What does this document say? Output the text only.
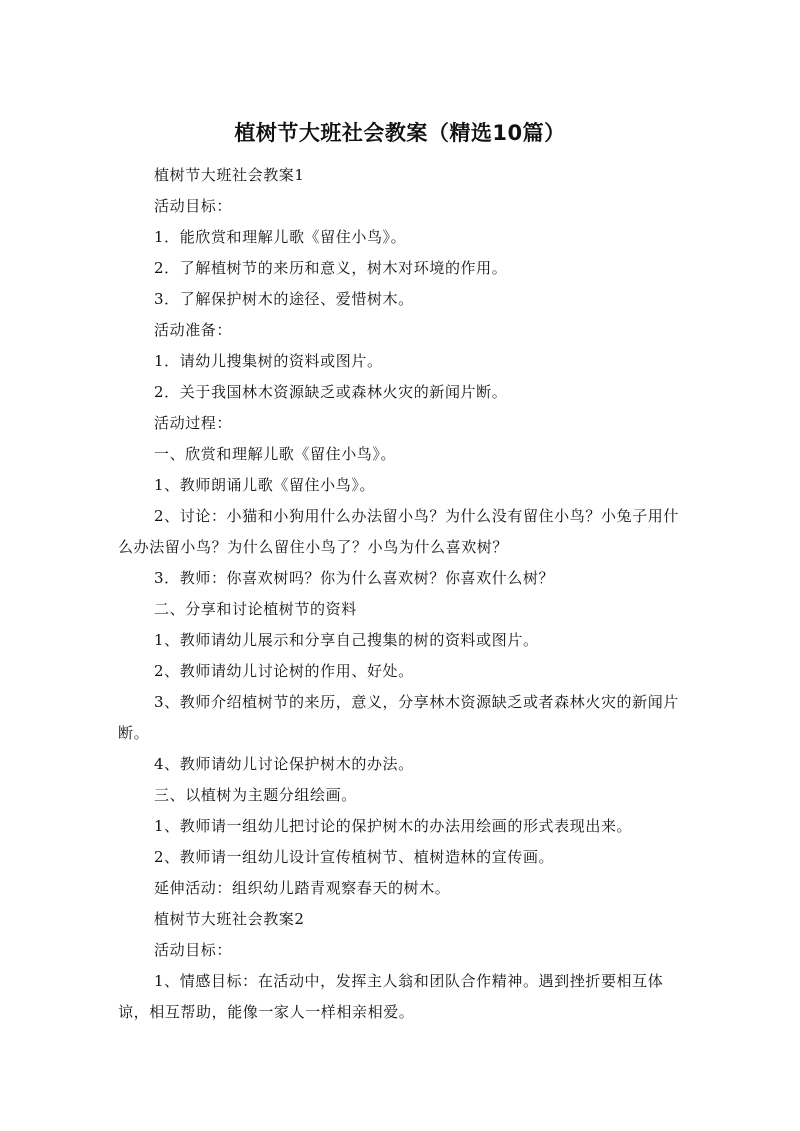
植树节大班社会教案（精选10篇）

植树节大班社会教案1

活动目标：

1．能欣赏和理解儿歌《留住小鸟》。

2．了解植树节的来历和意义，树木对环境的作用。

3．了解保护树木的途径、爱惜树木。

活动准备：

1．请幼儿搜集树的资料或图片。

2．关于我国林木资源缺乏或森林火灾的新闻片断。

活动过程：

一、欣赏和理解儿歌《留住小鸟》。

1、教师朗诵儿歌《留住小鸟》。

2、讨论：小猫和小狗用什么办法留小鸟？为什么没有留住小鸟？小兔子用什么办法留小鸟？为什么留住小鸟了？小鸟为什么喜欢树？

3．教师：你喜欢树吗？你为什么喜欢树？你喜欢什么树？

二、分享和讨论植树节的资料

1、教师请幼儿展示和分享自己搜集的树的资料或图片。

2、教师请幼儿讨论树的作用、好处。

3、教师介绍植树节的来历，意义，分享林木资源缺乏或者森林火灾的新闻片断。

4、教师请幼儿讨论保护树木的办法。

三、以植树为主题分组绘画。

1、教师请一组幼儿把讨论的保护树木的办法用绘画的形式表现出来。

2、教师请一组幼儿设计宣传植树节、植树造林的宣传画。

延伸活动：组织幼儿踏青观察春天的树木。

植树节大班社会教案2

活动目标：

1、情感目标：在活动中，发挥主人翁和团队合作精神。遇到挫折要相互体谅，相互帮助，能像一家人一样相亲相爱。
